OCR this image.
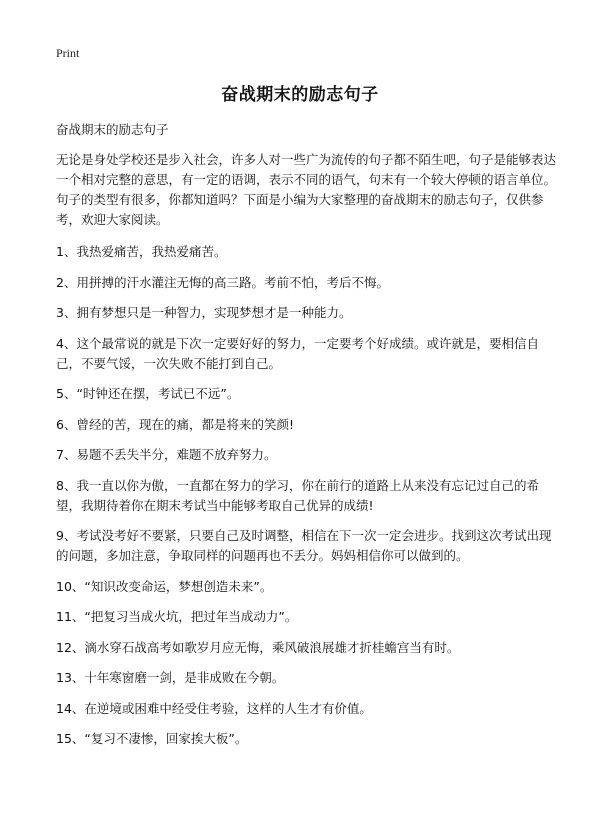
Print
奋战期末的励志句子

奋战期末的励志句子

无论是身处学校还是步入社会，许多人对一些广为流传的句子都不陌生吧，句子是能够表达一个相对完整的意思，有一定的语调，表示不同的语气，句末有一个较大停顿的语言单位。句子的类型有很多，你都知道吗？下面是小编为大家整理的奋战期末的励志句子，仅供参考，欢迎大家阅读。

1、我热爱痛苦，我热爱痛苦。
2、用拼搏的汗水灌注无悔的高三路。考前不怕，考后不悔。
3、拥有梦想只是一种智力，实现梦想才是一种能力。
4、这个最常说的就是下次一定要好好的努力，一定要考个好成绩。或许就是，要相信自己，不要气馁，一次失败不能打到自己。
5、“时钟还在摆，考试已不远”。
6、曾经的苦，现在的痛，都是将来的笑颜!
7、易题不丢失半分，难题不放弃努力。
8、我一直以你为傲，一直都在努力的学习，你在前行的道路上从来没有忘记过自己的希望，我期待着你在期末考试当中能够考取自己优异的成绩!
9、考试没考好不要紧，只要自己及时调整，相信在下一次一定会进步。找到这次考试出现的问题，多加注意，争取同样的问题再也不丢分。妈妈相信你可以做到的。
10、“知识改变命运，梦想创造未来”。
11、“把复习当成火坑，把过年当成动力”。
12、滴水穿石战高考如歌岁月应无悔，乘风破浪展雄才折桂蟾宫当有时。
13、十年寒窗磨一剑，是非成败在今朝。
14、在逆境或困难中经受住考验，这样的人生才有价值。
15、“复习不凄惨，回家挨大板”。
